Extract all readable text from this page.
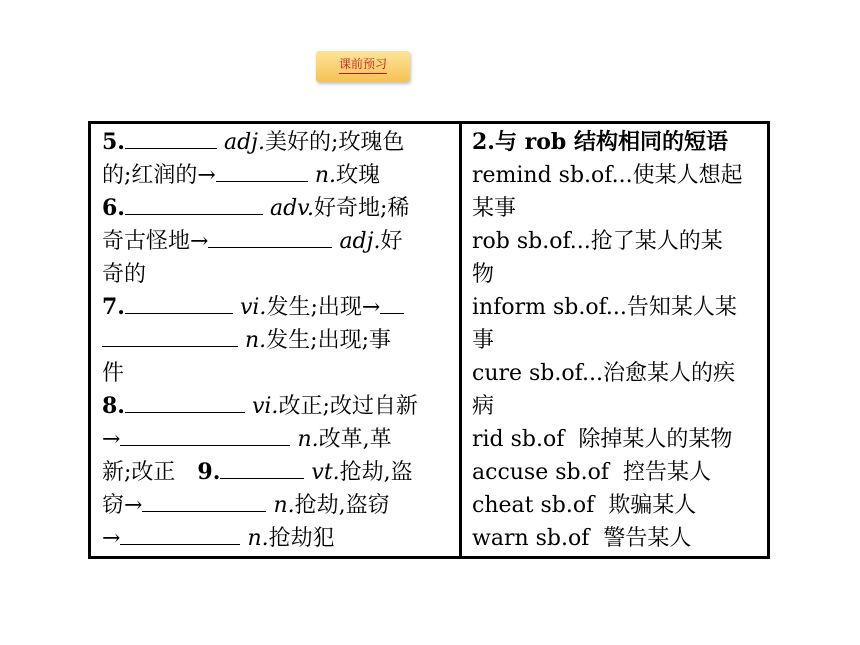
课前预习
5.	adj.美好的;玫瑰色
的;红润的→	n.玫瑰
6.	adv.好奇地;稀
奇古怪地→	adj.好
奇的
7.	vi.发生;出现→
n.发生;出现;事
件
8.	vi.改正;改过自新
→	n.改革,革
新;改正 9.	vt.抢劫,盗
窃→	n.抢劫,盗窃
→	n.抢劫犯
2.与 rob 结构相同的短语
remind sb.of...使某人想起
某事
rob sb.of...抢了某人的某
物
inform sb.of...告知某人某
事
cure sb.of...治愈某人的疾
病
rid sb.of  除掉某人的某物
accuse sb.of  控告某人
cheat sb.of  欺骗某人
warn sb.of  警告某人
